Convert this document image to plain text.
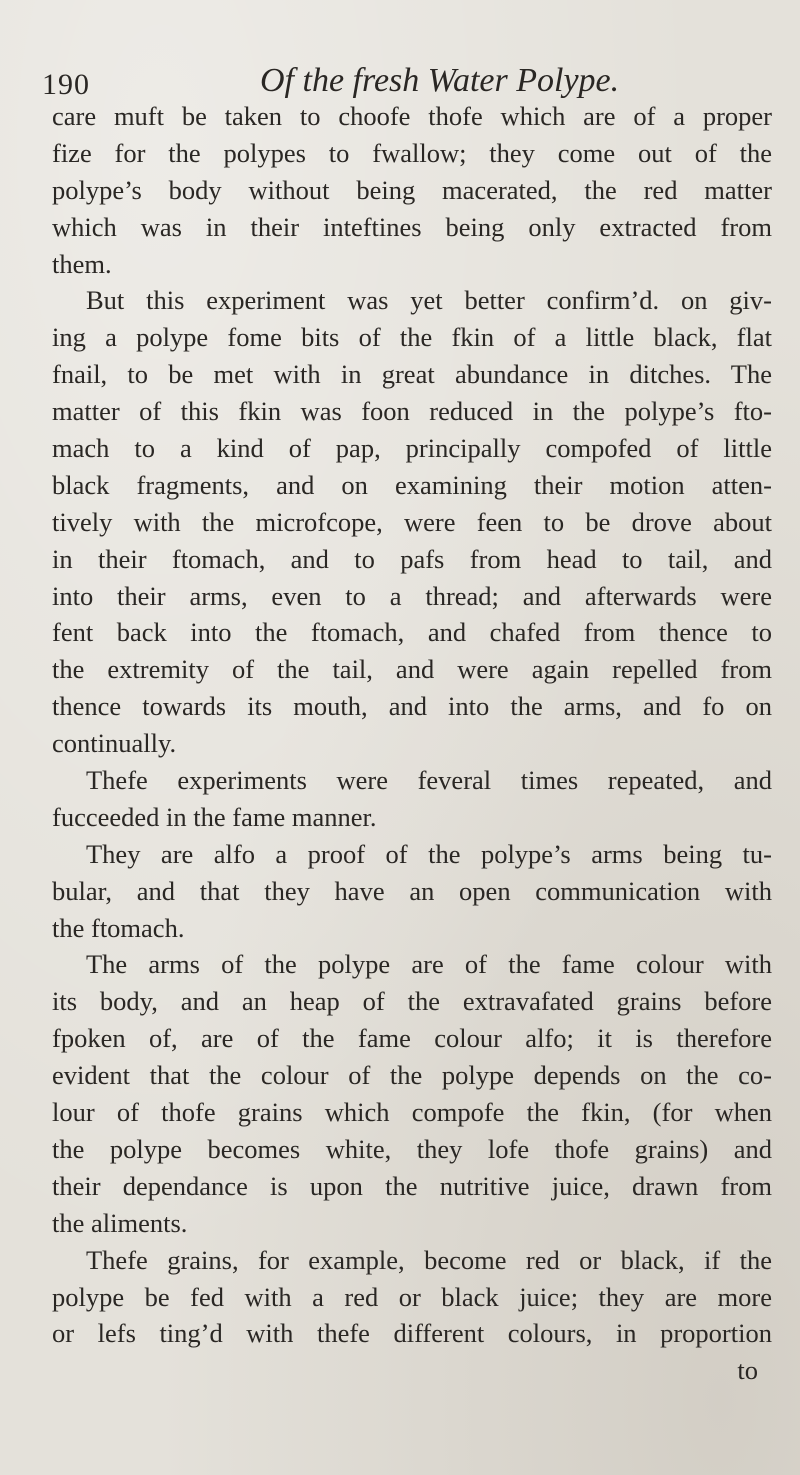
190	Of the fresh Water Polype.
care muft be taken to choofe thofe which are of a proper
fize for the polypes to fwallow; they come out of the
polype’s body without being macerated, the red matter
which was in their inteftines being only extracted from
them.
But this experiment was yet better confirm’d. on giv-
ing a polype fome bits of the fkin of a little black, flat
fnail, to be met with in great abundance in ditches. The
matter of this fkin was foon reduced in the polype’s fto-
mach to a kind of pap, principally compofed of little
black fragments, and on examining their motion atten-
tively with the microfcope, were feen to be drove about
in their ftomach, and to pafs from head to tail, and
into their arms, even to a thread; and afterwards were
fent back into the ftomach, and chafed from thence to
the extremity of the tail, and were again repelled from
thence towards its mouth, and into the arms, and fo on
continually.
Thefe experiments were feveral times repeated, and
fucceeded in the fame manner.
They are alfo a proof of the polype’s arms being tu-
bular, and that they have an open communication with
the ftomach.
The arms of the polype are of the fame colour with
its body, and an heap of the extravafated grains before
fpoken of, are of the fame colour alfo; it is therefore
evident that the colour of the polype depends on the co-
lour of thofe grains which compofe the fkin, (for when
the polype becomes white, they lofe thofe grains) and
their dependance is upon the nutritive juice, drawn from
the aliments.
Thefe grains, for example, become red or black, if the
polype be fed with a red or black juice; they are more
or lefs ting’d with thefe different colours, in proportion
to
